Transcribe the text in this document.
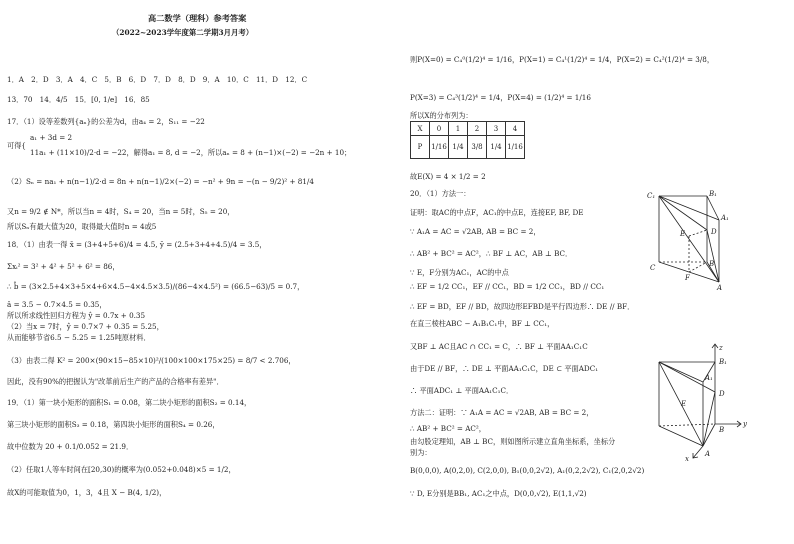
高二数学（理科）参考答案
（2022~2023学年度第二学期3月月考）
1．A　2．D　3．A　4．C　5．B　6．D　7．D　8．D　9．A　10．C　11．D　12．C
13．70　14．4/5　15．[0, 1/e]　16．85
17．（1）设等差数列{aₙ}的公差为d，由a₄ = 2，S₁₁ = −22
a₁ + 3d = 2
可得{
11a₁ + (11×10)/2·d = −22，解得a₁ = 8, d = −2，所以aₙ = 8 + (n−1)×(−2) = −2n + 10；
（2）Sₙ = na₁ + n(n−1)/2·d = 8n + n(n−1)/2×(−2) = −n² + 9n = −(n − 9/2)² + 81/4
又n = 9/2 ∉ N*，所以当n = 4时，S₄ = 20，当n = 5时，S₅ = 20，
所以Sₙ有最大值为20，取得最大值时n = 4或5
18．（1）由表一得 x̄ = (3+4+5+6)/4 = 4.5, ȳ = (2.5+3+4+4.5)/4 = 3.5，
Σxᵢ² = 3² + 4² + 5² + 6² = 86，
∴ b̂ = (3×2.5+4×3+5×4+6×4.5−4×4.5×3.5)/(86−4×4.5²) = (66.5−63)/5 = 0.7，
â = 3.5 − 0.7×4.5 = 0.35，
所以所求线性回归方程为 ŷ = 0.7x + 0.35
（2）当x = 7时，ŷ = 0.7×7 + 0.35 = 5.25，
从而能够节省6.5 − 5.25 = 1.25吨原材料．
（3）由表二得 K² = 200×(90×15−85×10)²/(100×100×175×25) = 8/7 < 2.706，
因此，没有90%的把握认为"改革前后生产的产品的合格率有差异"．
19．（1）第一块小矩形的面积S₁ = 0.08，第二块小矩形的面积S₂ = 0.14，
第三块小矩形的面积S₃ = 0.18，第四块小矩形的面积S₄ = 0.26，
故中位数为 20 + 0.1/0.052 = 21.9．
（2）任取1人等车时间在[20,30)的概率为(0.052+0.048)×5 = 1/2，
故X的可能取值为0，1，3，4且 X − B(4, 1/2)，
则P(X=0) = C₄⁰(1/2)⁴ = 1/16，P(X=1) = C₄¹(1/2)⁴ = 1/4，P(X=2) = C₄²(1/2)⁴ = 3/8，
P(X=3) = C₄³(1/2)⁴ = 1/4，P(X=4) = (1/2)⁴ = 1/16
所以X的分布列为：
X	0	1	2	3	4
P	1/16	1/4	3/8	1/4	1/16
故E(X) = 4 × 1/2 = 2
20．（1）方法一：
证明：取AC的中点F，AC₁的中点E，连接EF, BF, DE
∵ A₁A = AC = √2AB, AB = BC = 2，
∴ AB² + BC² = AC²，∴ BF ⊥ AC，AB ⊥ BC．
∵ E，F分别为AC₁，AC的中点
∴ EF = 1/2 CC₁，EF // CC₁，BD = 1/2 CC₁，BD // CC₁
∴ EF = BD，EF // BD，故四边形EFBD是平行四边形∴ DE // BF．
在直三棱柱ABC − A₁B₁C₁中，BF ⊥ CC₁，
又BF ⊥ AC且AC ∩ CC₁ = C，∴ BF ⊥ 平面AA₁C₁C
由于DE // BF，∴ DE ⊥ 平面AA₁C₁C，DE ⊂ 平面ADC₁
∴ 平面ADC₁ ⊥ 平面AA₁C₁C．
方法二：证明：∵ A₁A = AC = √2AB, AB = BC = 2，
∴ AB² + BC² = AC²，
由勾股定理知，AB ⊥ BC，则如图所示建立直角坐标系，坐标分
别为：
B(0,0,0), A(0,2,0), C(2,0,0), B₁(0,0,2√2), A₁(0,2,2√2), C₁(2,0,2√2)
∵ D, E分别是BB₁, AC₁之中点，D(0,0,√2), E(1,1,√2)
C₁	B₁
A₁
E	D
C	B
F
A
z
B₁
A₁
E
D
B
A
y
x
